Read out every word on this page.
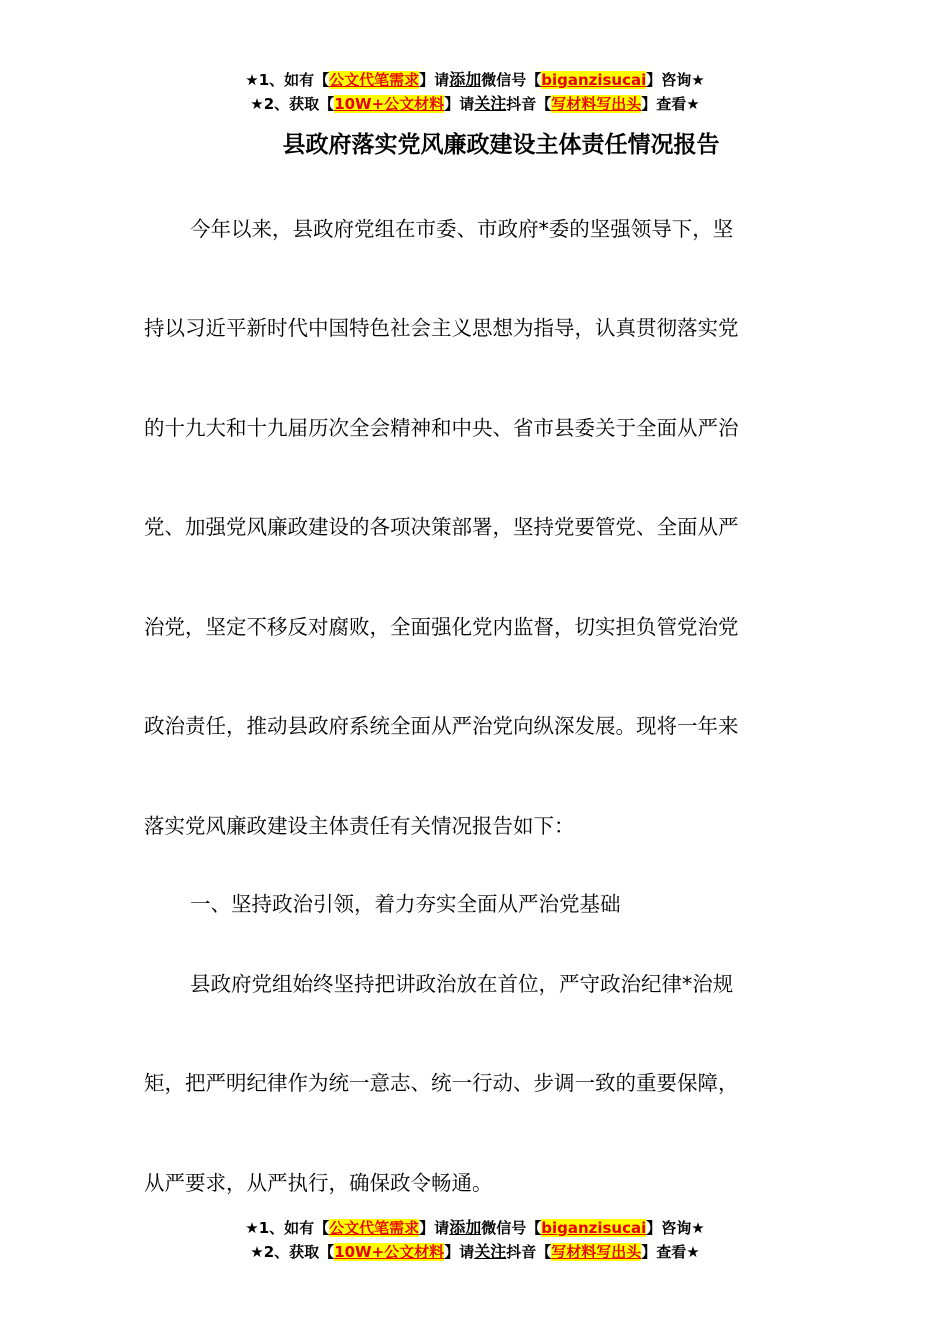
★1、如有【公文代笔需求】请添加微信号【biganzisucai】咨询★
★2、获取【10W+公文材料】请关注抖音【写材料写出头】查看★
县政府落实党风廉政建设主体责任情况报告
今年以来，县政府党组在市委、市政府*委的坚强领导下，坚
持以习近平新时代中国特色社会主义思想为指导，认真贯彻落实党
的十九大和十九届历次全会精神和中央、省市县委关于全面从严治
党、加强党风廉政建设的各项决策部署，坚持党要管党、全面从严
治党，坚定不移反对腐败，全面强化党内监督，切实担负管党治党
政治责任，推动县政府系统全面从严治党向纵深发展。现将一年来
落实党风廉政建设主体责任有关情况报告如下：
一、坚持政治引领，着力夯实全面从严治党基础
县政府党组始终坚持把讲政治放在首位，严守政治纪律*治规
矩，把严明纪律作为统一意志、统一行动、步调一致的重要保障，
从严要求，从严执行，确保政令畅通。
★1、如有【公文代笔需求】请添加微信号【biganzisucai】咨询★
★2、获取【10W+公文材料】请关注抖音【写材料写出头】查看★
